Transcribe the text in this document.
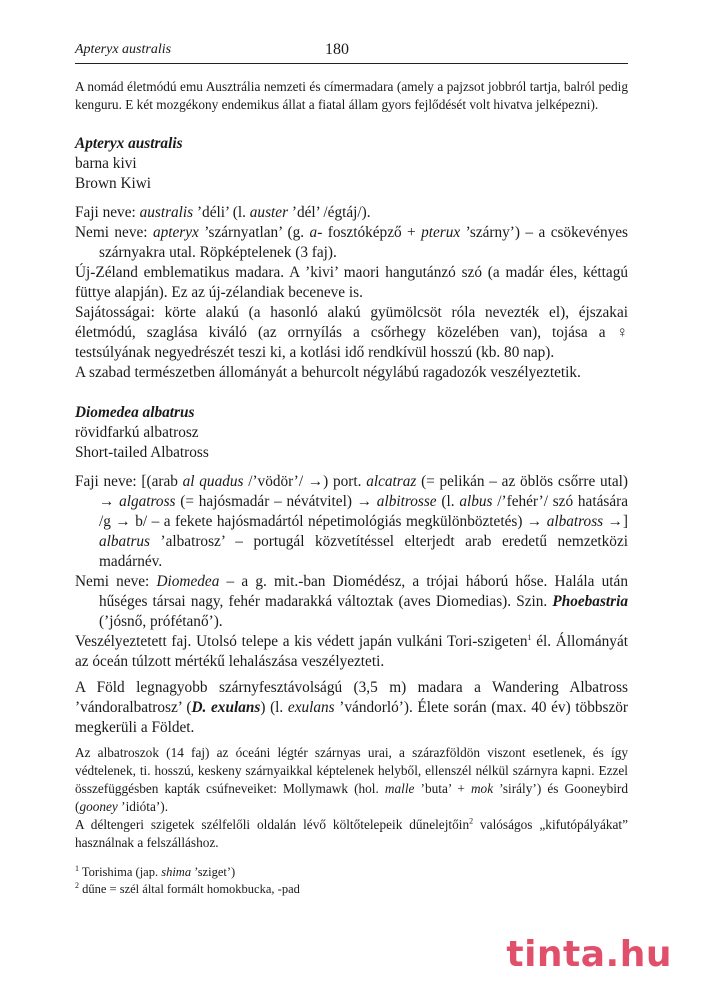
Apteryx australis	180

A nomád életmódú emu Ausztrália nemzeti és címermadara (amely a pajzsot jobbról tartja, balról pedig kenguru. E két mozgékony endemikus állat a fiatal állam gyors fejlődését volt hivatva jelképezni).

Apteryx australis

barna kivi

Brown Kiwi

Faji neve: australis ’déli’ (l. auster ’dél’ /égtáj/).

Nemi neve: apteryx ’szárnyatlan’ (g. a- fosztóképző + pterux ’szárny’) – a csökevényes szárnyakra utal. Röpképtelenek (3 faj).

Új-Zéland emblematikus madara. A ’kivi’ maori hangutánzó szó (a madár éles, kéttagú füttye alapján). Ez az új-zélandiak beceneve is.

Sajátosságai: körte alakú (a hasonló alakú gyümölcsöt róla nevezték el), éjszakai életmódú, szaglása kiváló (az orrnyílás a csőrhegy közelében van), tojása a ♀ testsúlyának negyedrészét teszi ki, a kotlási idő rendkívül hosszú (kb. 80 nap).

A szabad természetben állományát a behurcolt négylábú ragadozók veszélyeztetik.

Diomedea albatrus

rövidfarkú albatrosz

Short-tailed Albatross

Faji neve: [(arab al quadus /’vödör’/ →) port. alcatraz (= pelikán – az öblös csőrre utal) → algatross (= hajósmadár – névátvitel) → albitrosse (l. albus /’fehér’/ szó hatására /g → b/ – a fekete hajósmadártól népetimológiás megkülönböztetés) → albatross →] albatrus ’albatrosz’ – portugál közvetítéssel elterjedt arab eredetű nemzetközi madárnév.

Nemi neve: Diomedea – a g. mit.-ban Diomédész, a trójai háború hőse. Halála után hűséges társai nagy, fehér madarakká változtak (aves Diomedias). Szin. Phoebastria (’jósnő, prófétanő’).

Veszélyeztetett faj. Utolsó telepe a kis védett japán vulkáni Tori-szigeten$^1$ él. Állományát az óceán túlzott mértékű lehalászása veszélyezteti.

A Föld legnagyobb szárnyfesztávolságú (3,5 m) madara a Wandering Albatross ’vándoralbatrosz’ (D. exulans) (l. exulans ’vándorló’). Élete során (max. 40 év) többször megkerüli a Földet.

Az albatroszok (14 faj) az óceáni légtér szárnyas urai, a szárazföldön viszont esetlenek, és így védtelenek, ti. hosszú, keskeny szárnyaikkal képtelenek helyből, ellenszél nélkül szárnyra kapni. Ezzel összefüggésben kapták csúfneveiket: Mollymawk (hol. malle ’buta’ + mok ’sirály’) és Gooneybird (gooney ’idióta’).

A déltengeri szigetek szélfelőli oldalán lévő költőtelepeik dűnelejtőin$^2$ valóságos „kifutópályákat” használnak a felszálláshoz.

$^1$ Torishima (jap. shima ’sziget’)

$^2$ dűne = szél által formált homokbucka, -pad

tinta.hu
